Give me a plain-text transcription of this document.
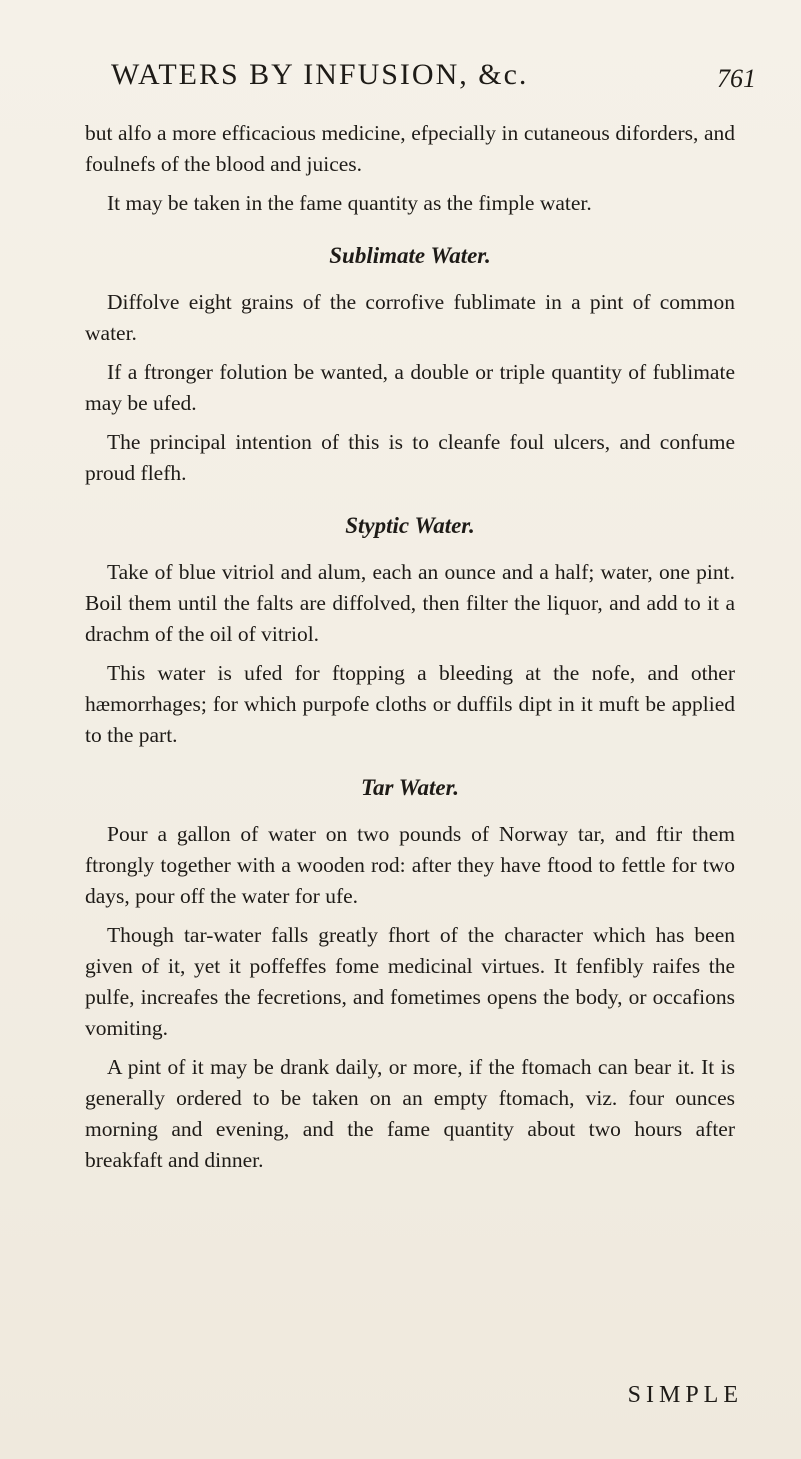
WATERS BY INFUSION, &c.	761

but alfo a more efficacious medicine, efpecially in cutaneous diforders, and foulnefs of the blood and juices.

It may be taken in the fame quantity as the fimple water.

Sublimate Water.

Diffolve eight grains of the corrofive fublimate in a pint of common water.

If a ftronger folution be wanted, a double or triple quantity of fublimate may be ufed.

The principal intention of this is to cleanfe foul ulcers, and confume proud flefh.

Styptic Water.

Take of blue vitriol and alum, each an ounce and a half; water, one pint. Boil them until the falts are diffolved, then filter the liquor, and add to it a drachm of the oil of vitriol.

This water is ufed for ftopping a bleeding at the nofe, and other hæmorrhages; for which purpofe cloths or duffils dipt in it muft be applied to the part.

Tar Water.

Pour a gallon of water on two pounds of Norway tar, and ftir them ftrongly together with a wooden rod: after they have ftood to fettle for two days, pour off the water for ufe.

Though tar-water falls greatly fhort of the character which has been given of it, yet it poffeffes fome medicinal virtues. It fenfibly raifes the pulfe, increafes the fecretions, and fometimes opens the body, or occafions vomiting.

A pint of it may be drank daily, or more, if the ftomach can bear it. It is generally ordered to be taken on an empty ftomach, viz. four ounces morning and evening, and the fame quantity about two hours after breakfaft and dinner.

SIMPLE
